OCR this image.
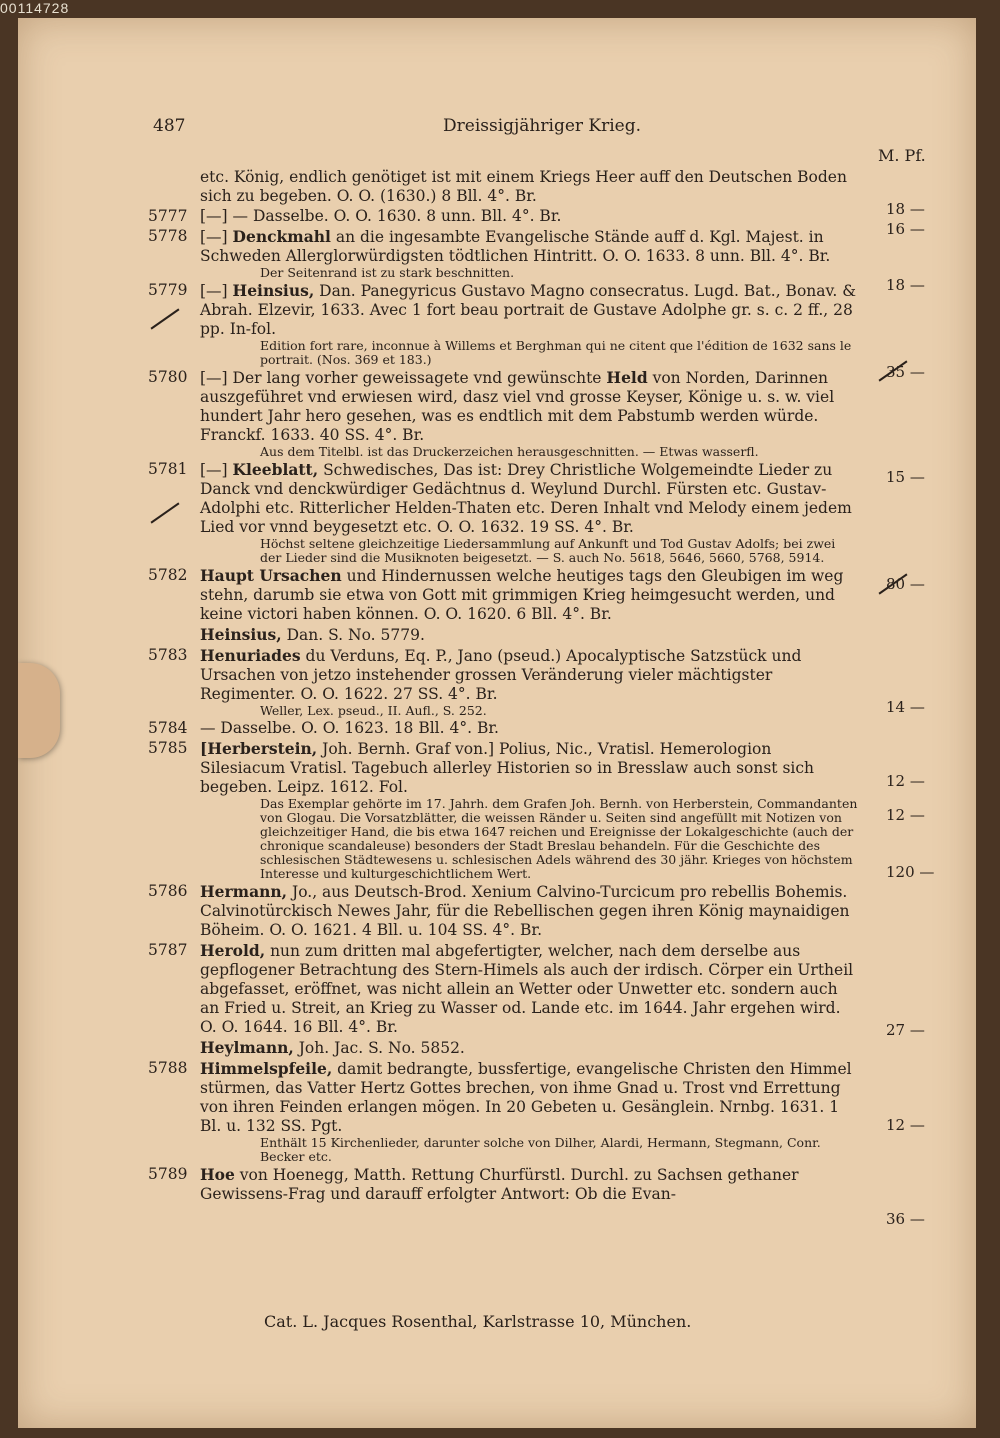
487	Dreissigjähriger Krieg.
M. Pf.
etc. König, endlich genötiget ist mit einem Kriegs Heer auff den Deutschen Boden sich zu begeben. O. O. (1630.) 8 Bll. 4°. Br.
5777 [—] — Dasselbe. O. O. 1630. 8 unn. Bll. 4°. Br.
5778 [—] Denckmahl an die ingesambte Evangelische Stände auff d. Kgl. Majest. in Schweden Allerglorwürdigsten tödtlichen Hintritt. O. O. 1633. 8 unn. Bll. 4°. Br.
Der Seitenrand ist zu stark beschnitten.
5779 [—] Heinsius, Dan. Panegyricus Gustavo Magno consecratus. Lugd. Bat., Bonav. & Abrah. Elzevir, 1633. Avec 1 fort beau portrait de Gustave Adolphe gr. s. c. 2 ff., 28 pp. In-fol.
Edition fort rare, inconnue à Willems et Berghman qui ne citent que l'édition de 1632 sans le portrait. (Nos. 369 et 183.)
5780 [—] Der lang vorher geweissagete vnd gewünschte Held von Norden, Darinnen auszgeführet vnd erwiesen wird, dasz viel vnd grosse Keyser, Könige u. s. w. viel hundert Jahr hero gesehen, was es endtlich mit dem Pabstumb werden würde. Franckf. 1633. 40 SS. 4°. Br.
Aus dem Titelbl. ist das Druckerzeichen herausgeschnitten. — Etwas wasserfl.
5781 [—] Kleeblatt, Schwedisches, Das ist: Drey Christliche Wolgemeindte Lieder zu Danck vnd denckwürdiger Gedächtnus d. Weylund Durchl. Fürsten etc. Gustav-Adolphi etc. Ritterlicher Helden-Thaten etc. Deren Inhalt vnd Melody einem jedem Lied vor vnnd beygesetzt etc. O. O. 1632. 19 SS. 4°. Br.
Höchst seltene gleichzeitige Liedersammlung auf Ankunft und Tod Gustav Adolfs; bei zwei der Lieder sind die Musiknoten beigesetzt. — S. auch No. 5618, 5646, 5660, 5768, 5914.
5782 Haupt Ursachen und Hindernussen welche heutiges tags den Gleubigen im weg stehn, darumb sie etwa von Gott mit grimmigen Krieg heimgesucht werden, und keine victori haben können. O. O. 1620. 6 Bll. 4°. Br.
Heinsius, Dan. S. No. 5779.
5783 Henuriades du Verduns, Eq. P., Jano (pseud.) Apocalyptische Satzstück und Ursachen von jetzo instehender grossen Veränderung vieler mächtigster Regimenter. O. O. 1622. 27 SS. 4°. Br.
Weller, Lex. pseud., II. Aufl., S. 252.
5784 — Dasselbe. O. O. 1623. 18 Bll. 4°. Br.
5785 [Herberstein, Joh. Bernh. Graf von.] Polius, Nic., Vratisl. Hemerologion Silesiacum Vratisl. Tagebuch allerley Historien so in Bresslaw auch sonst sich begeben. Leipz. 1612. Fol.
Das Exemplar gehörte im 17. Jahrh. dem Grafen Joh. Bernh. von Herberstein, Commandanten von Glogau. Die Vorsatzblätter, die weissen Ränder u. Seiten sind angefüllt mit Notizen von gleichzeitiger Hand, die bis etwa 1647 reichen und Ereignisse der Lokalgeschichte (auch der chronique scandaleuse) besonders der Stadt Breslau behandeln. Für die Geschichte des schlesischen Städtewesens u. schlesischen Adels während des 30 jähr. Krieges von höchstem Interesse und kulturgeschichtlichem Wert.
5786 Hermann, Jo., aus Deutsch-Brod. Xenium Calvino-Turcicum pro rebellis Bohemis. Calvinotürckisch Newes Jahr, für die Rebellischen gegen ihren König maynaidigen Böheim. O. O. 1621. 4 Bll. u. 104 SS. 4°. Br.
5787 Herold, nun zum dritten mal abgefertigter, welcher, nach dem derselbe aus gepflogener Betrachtung des Stern-Himels als auch der irdisch. Cörper ein Urtheil abgefasset, eröffnet, was nicht allein an Wetter oder Unwetter etc. sondern auch an Fried u. Streit, an Krieg zu Wasser od. Lande etc. im 1644. Jahr ergehen wird. O. O. 1644. 16 Bll. 4°. Br.
Heylmann, Joh. Jac. S. No. 5852.
5788 Himmelspfeile, damit bedrangte, bussfertige, evangelische Christen den Himmel stürmen, das Vatter Hertz Gottes brechen, von ihme Gnad u. Trost vnd Errettung von ihren Feinden erlangen mögen. In 20 Gebeten u. Gesänglein. Nrnbg. 1631. 1 Bl. u. 132 SS. Pgt.
Enthält 15 Kirchenlieder, darunter solche von Dilher, Alardi, Hermann, Stegmann, Conr. Becker etc.
5789 Hoe von Hoenegg, Matth. Rettung Churfürstl. Durchl. zu Sachsen gethaner Gewissens-Frag und darauff erfolgter Antwort: Ob die Evan-
18 —
16 —
18 —
35 —
15 —
80 —
14 —
12 —
12 —
120 —
27 —
12 —
36 —
Cat. L. Jacques Rosenthal, Karlstrasse 10, München.
00114728
